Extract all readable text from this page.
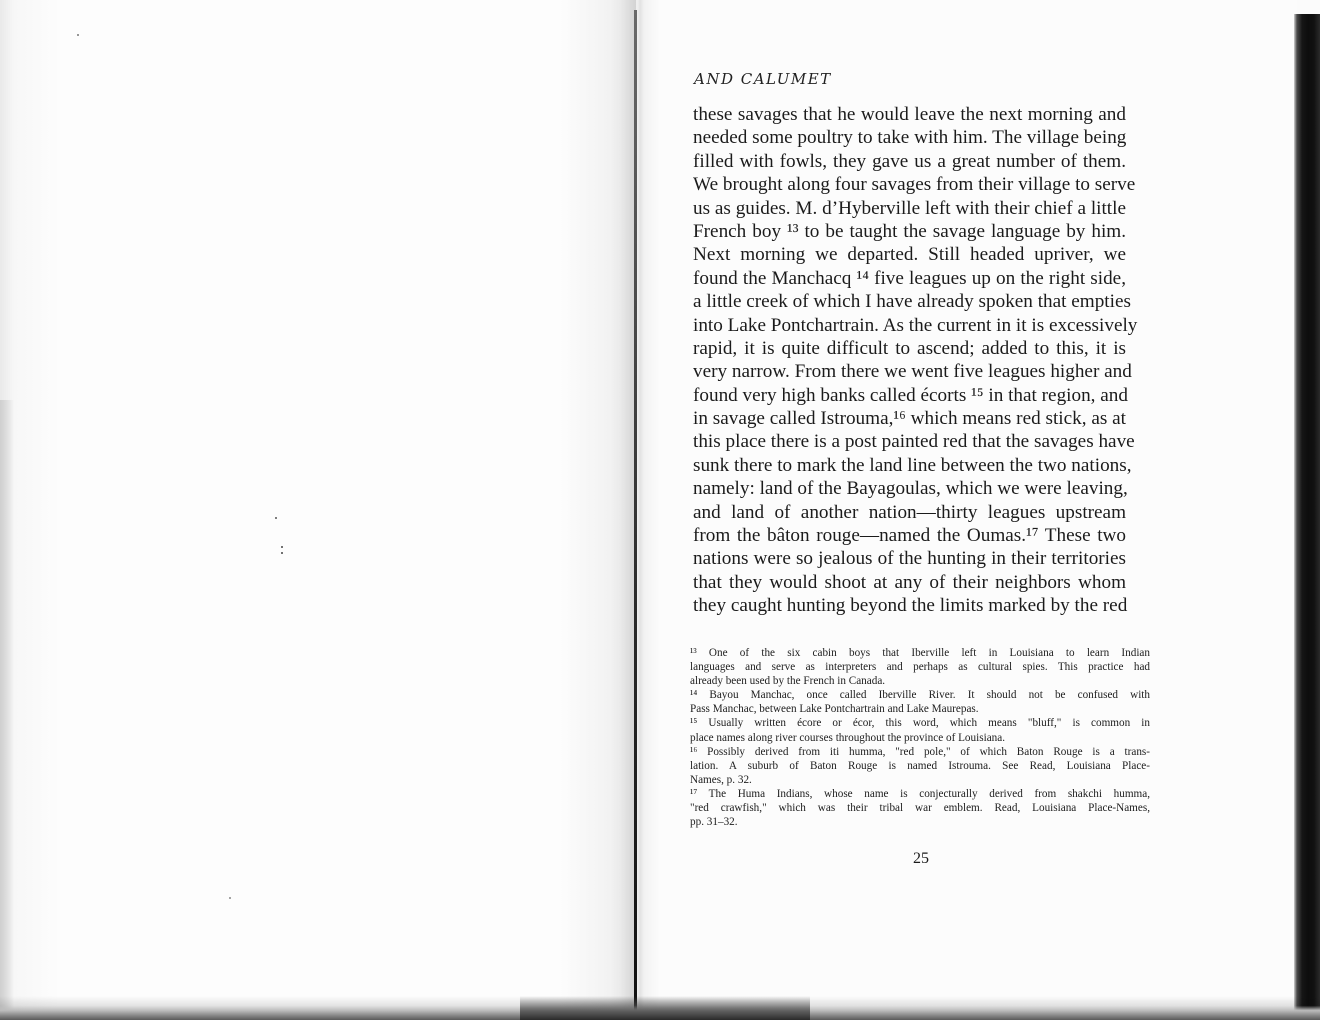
AND CALUMET
these savages that he would leave the next morning and
needed some poultry to take with him. The village being
filled with fowls, they gave us a great number of them.
We brought along four savages from their village to serve
us as guides. M. d’Hyberville left with their chief a little
French boy ¹³ to be taught the savage language by him.
Next morning we departed. Still headed upriver, we
found the Manchacq ¹⁴ five leagues up on the right side,
a little creek of which I have already spoken that empties
into Lake Pontchartrain. As the current in it is excessively
rapid, it is quite difficult to ascend; added to this, it is
very narrow. From there we went five leagues higher and
found very high banks called écorts ¹⁵ in that region, and
in savage called Istrouma,¹⁶ which means red stick, as at
this place there is a post painted red that the savages have
sunk there to mark the land line between the two nations,
namely: land of the Bayagoulas, which we were leaving,
and land of another nation—thirty leagues upstream
from the bâton rouge—named the Oumas.¹⁷ These two
nations were so jealous of the hunting in their territories
that they would shoot at any of their neighbors whom
they caught hunting beyond the limits marked by the red
¹³ One of the six cabin boys that Iberville left in Louisiana to learn Indian
languages and serve as interpreters and perhaps as cultural spies. This practice had
already been used by the French in Canada.
¹⁴ Bayou Manchac, once called Iberville River. It should not be confused with
Pass Manchac, between Lake Pontchartrain and Lake Maurepas.
¹⁵ Usually written écore or écor, this word, which means "bluff," is common in
place names along river courses throughout the province of Louisiana.
¹⁶ Possibly derived from iti humma, "red pole," of which Baton Rouge is a trans-
lation. A suburb of Baton Rouge is named Istrouma. See Read, Louisiana Place-
Names, p. 32.
¹⁷ The Huma Indians, whose name is conjecturally derived from shakchi humma,
"red crawfish," which was their tribal war emblem. Read, Louisiana Place-Names,
pp. 31–32.
25
